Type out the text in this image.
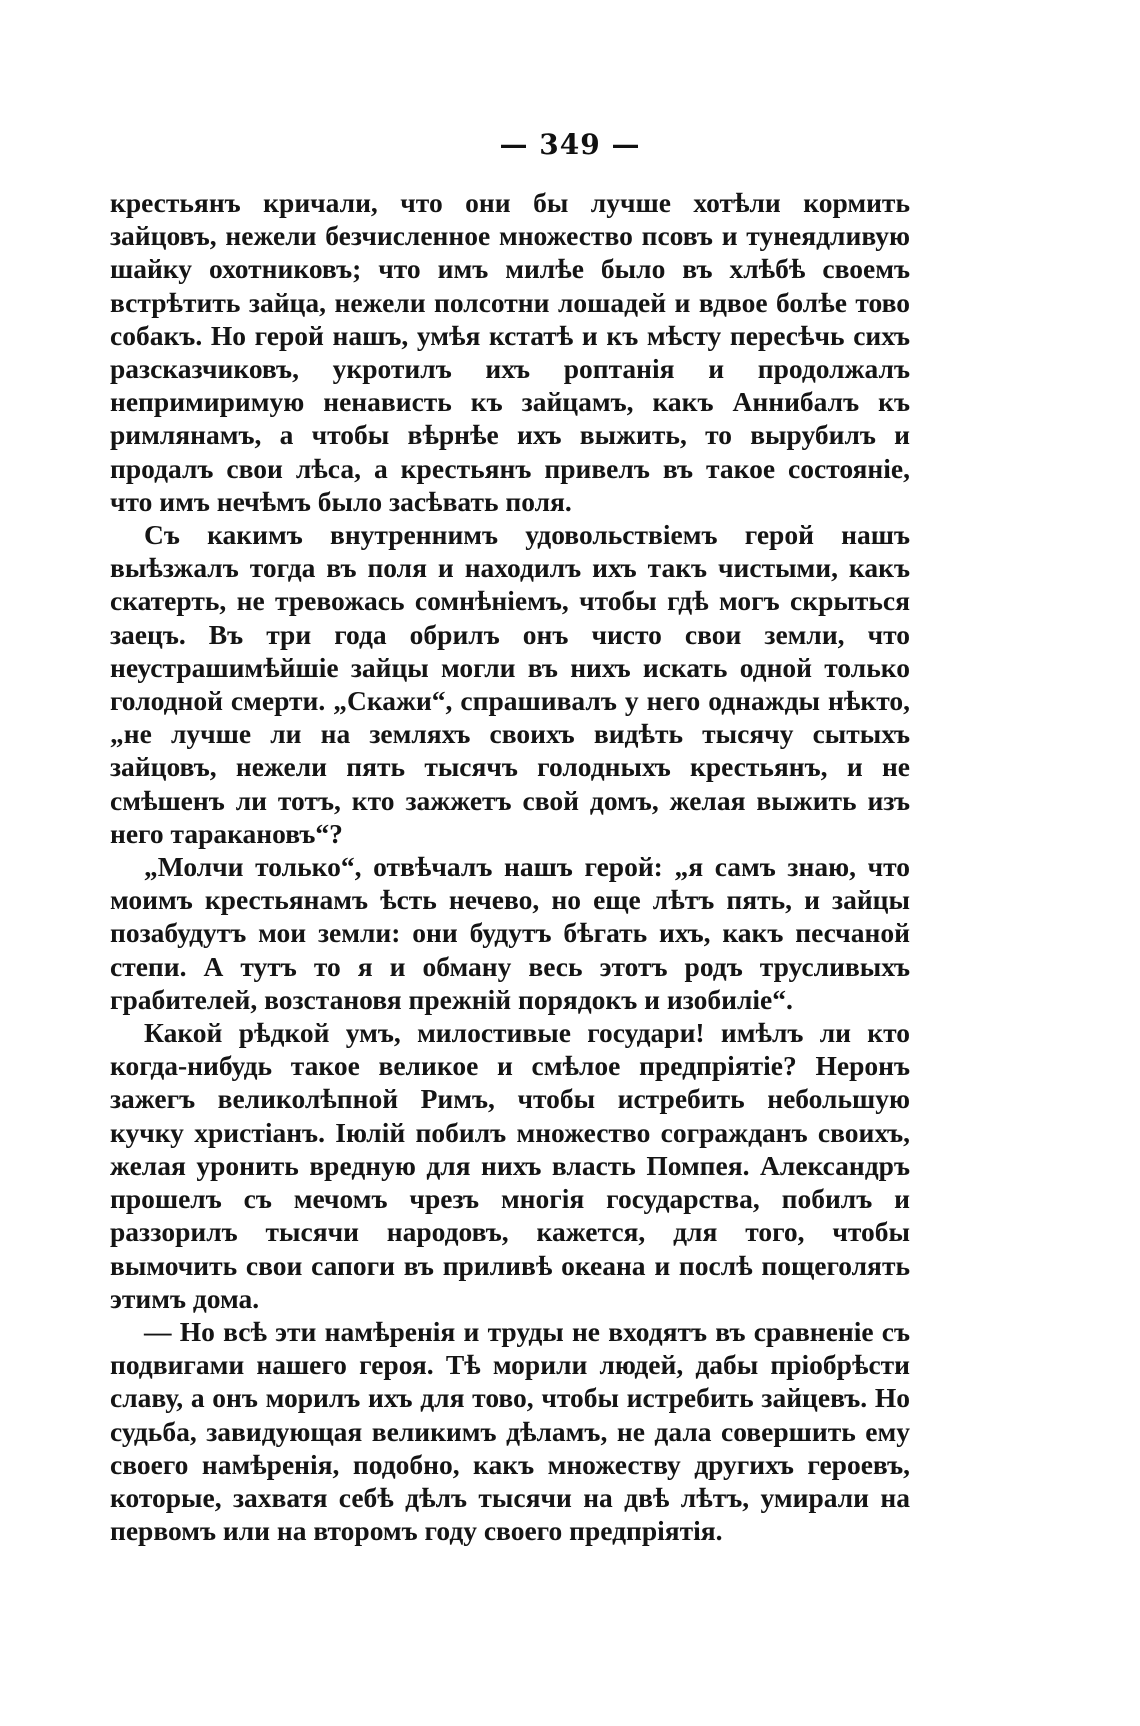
— 349 —

крестьянъ кричали, что они бы лучше хотѣли кормить зайцовъ, нежели безчисленное множество псовъ и тунеядливую шайку охотниковъ; что имъ милѣе было въ хлѣбѣ своемъ встрѣтить зайца, нежели полсотни лошадей и вдвое болѣе тово собакъ. Но герой нашъ, умѣя кстатѣ и къ мѣсту пересѣчь сихъ разсказчиковъ, укротилъ ихъ роптанія и продолжалъ непримиримую ненависть къ зайцамъ, какъ Аннибалъ къ римлянамъ, а чтобы вѣрнѣе ихъ выжить, то вырубилъ и продалъ свои лѣса, а крестьянъ привелъ въ такое состояніе, что имъ нечѣмъ было засѣвать поля.

Съ какимъ внутреннимъ удовольствіемъ герой нашъ выѣзжалъ тогда въ поля и находилъ ихъ такъ чистыми, какъ скатерть, не тревожась сомнѣніемъ, чтобы гдѣ могъ скрыться заецъ. Въ три года обрилъ онъ чисто свои земли, что неустрашимѣйшіе зайцы могли въ нихъ искать одной только голодной смерти. „Скажи“, спрашивалъ у него однажды нѣкто, „не лучше ли на земляхъ своихъ видѣть тысячу сытыхъ зайцовъ, нежели пять тысячъ голодныхъ крестьянъ, и не смѣшенъ ли тотъ, кто зажжетъ свой домъ, желая выжить изъ него таракановъ“?

„Молчи только“, отвѣчалъ нашъ герой: „я самъ знаю, что моимъ крестьянамъ ѣсть нечево, но еще лѣтъ пять, и зайцы позабудутъ мои земли: они будутъ бѣгать ихъ, какъ песчаной степи. А тутъ то я и обману весь этотъ родъ трусливыхъ грабителей, возстановя прежній порядокъ и изобиліе“.

Какой рѣдкой умъ, милостивые государи! имѣлъ ли кто когда-нибудь такое великое и смѣлое предпріятіе? Неронъ зажегъ великолѣпной Римъ, чтобы истребить небольшую кучку христіанъ. Іюлій побилъ множество согражданъ своихъ, желая уронить вредную для нихъ власть Помпея. Александръ прошелъ съ мечомъ чрезъ многія государства, побилъ и раззорилъ тысячи народовъ, кажется, для того, чтобы вымочить свои сапоги въ приливѣ океана и послѣ пощеголять этимъ дома.

— Но всѣ эти намѣренія и труды не входятъ въ сравненіе съ подвигами нашего героя. Тѣ морили людей, дабы пріобрѣсти славу, а онъ морилъ ихъ для тово, чтобы истребить зайцевъ. Но судьба, завидующая великимъ дѣламъ, не дала совершить ему своего намѣренія, подобно, какъ множеству другихъ героевъ, которые, захватя себѣ дѣлъ тысячи на двѣ лѣтъ, умирали на первомъ или на второмъ году своего предпріятія.
